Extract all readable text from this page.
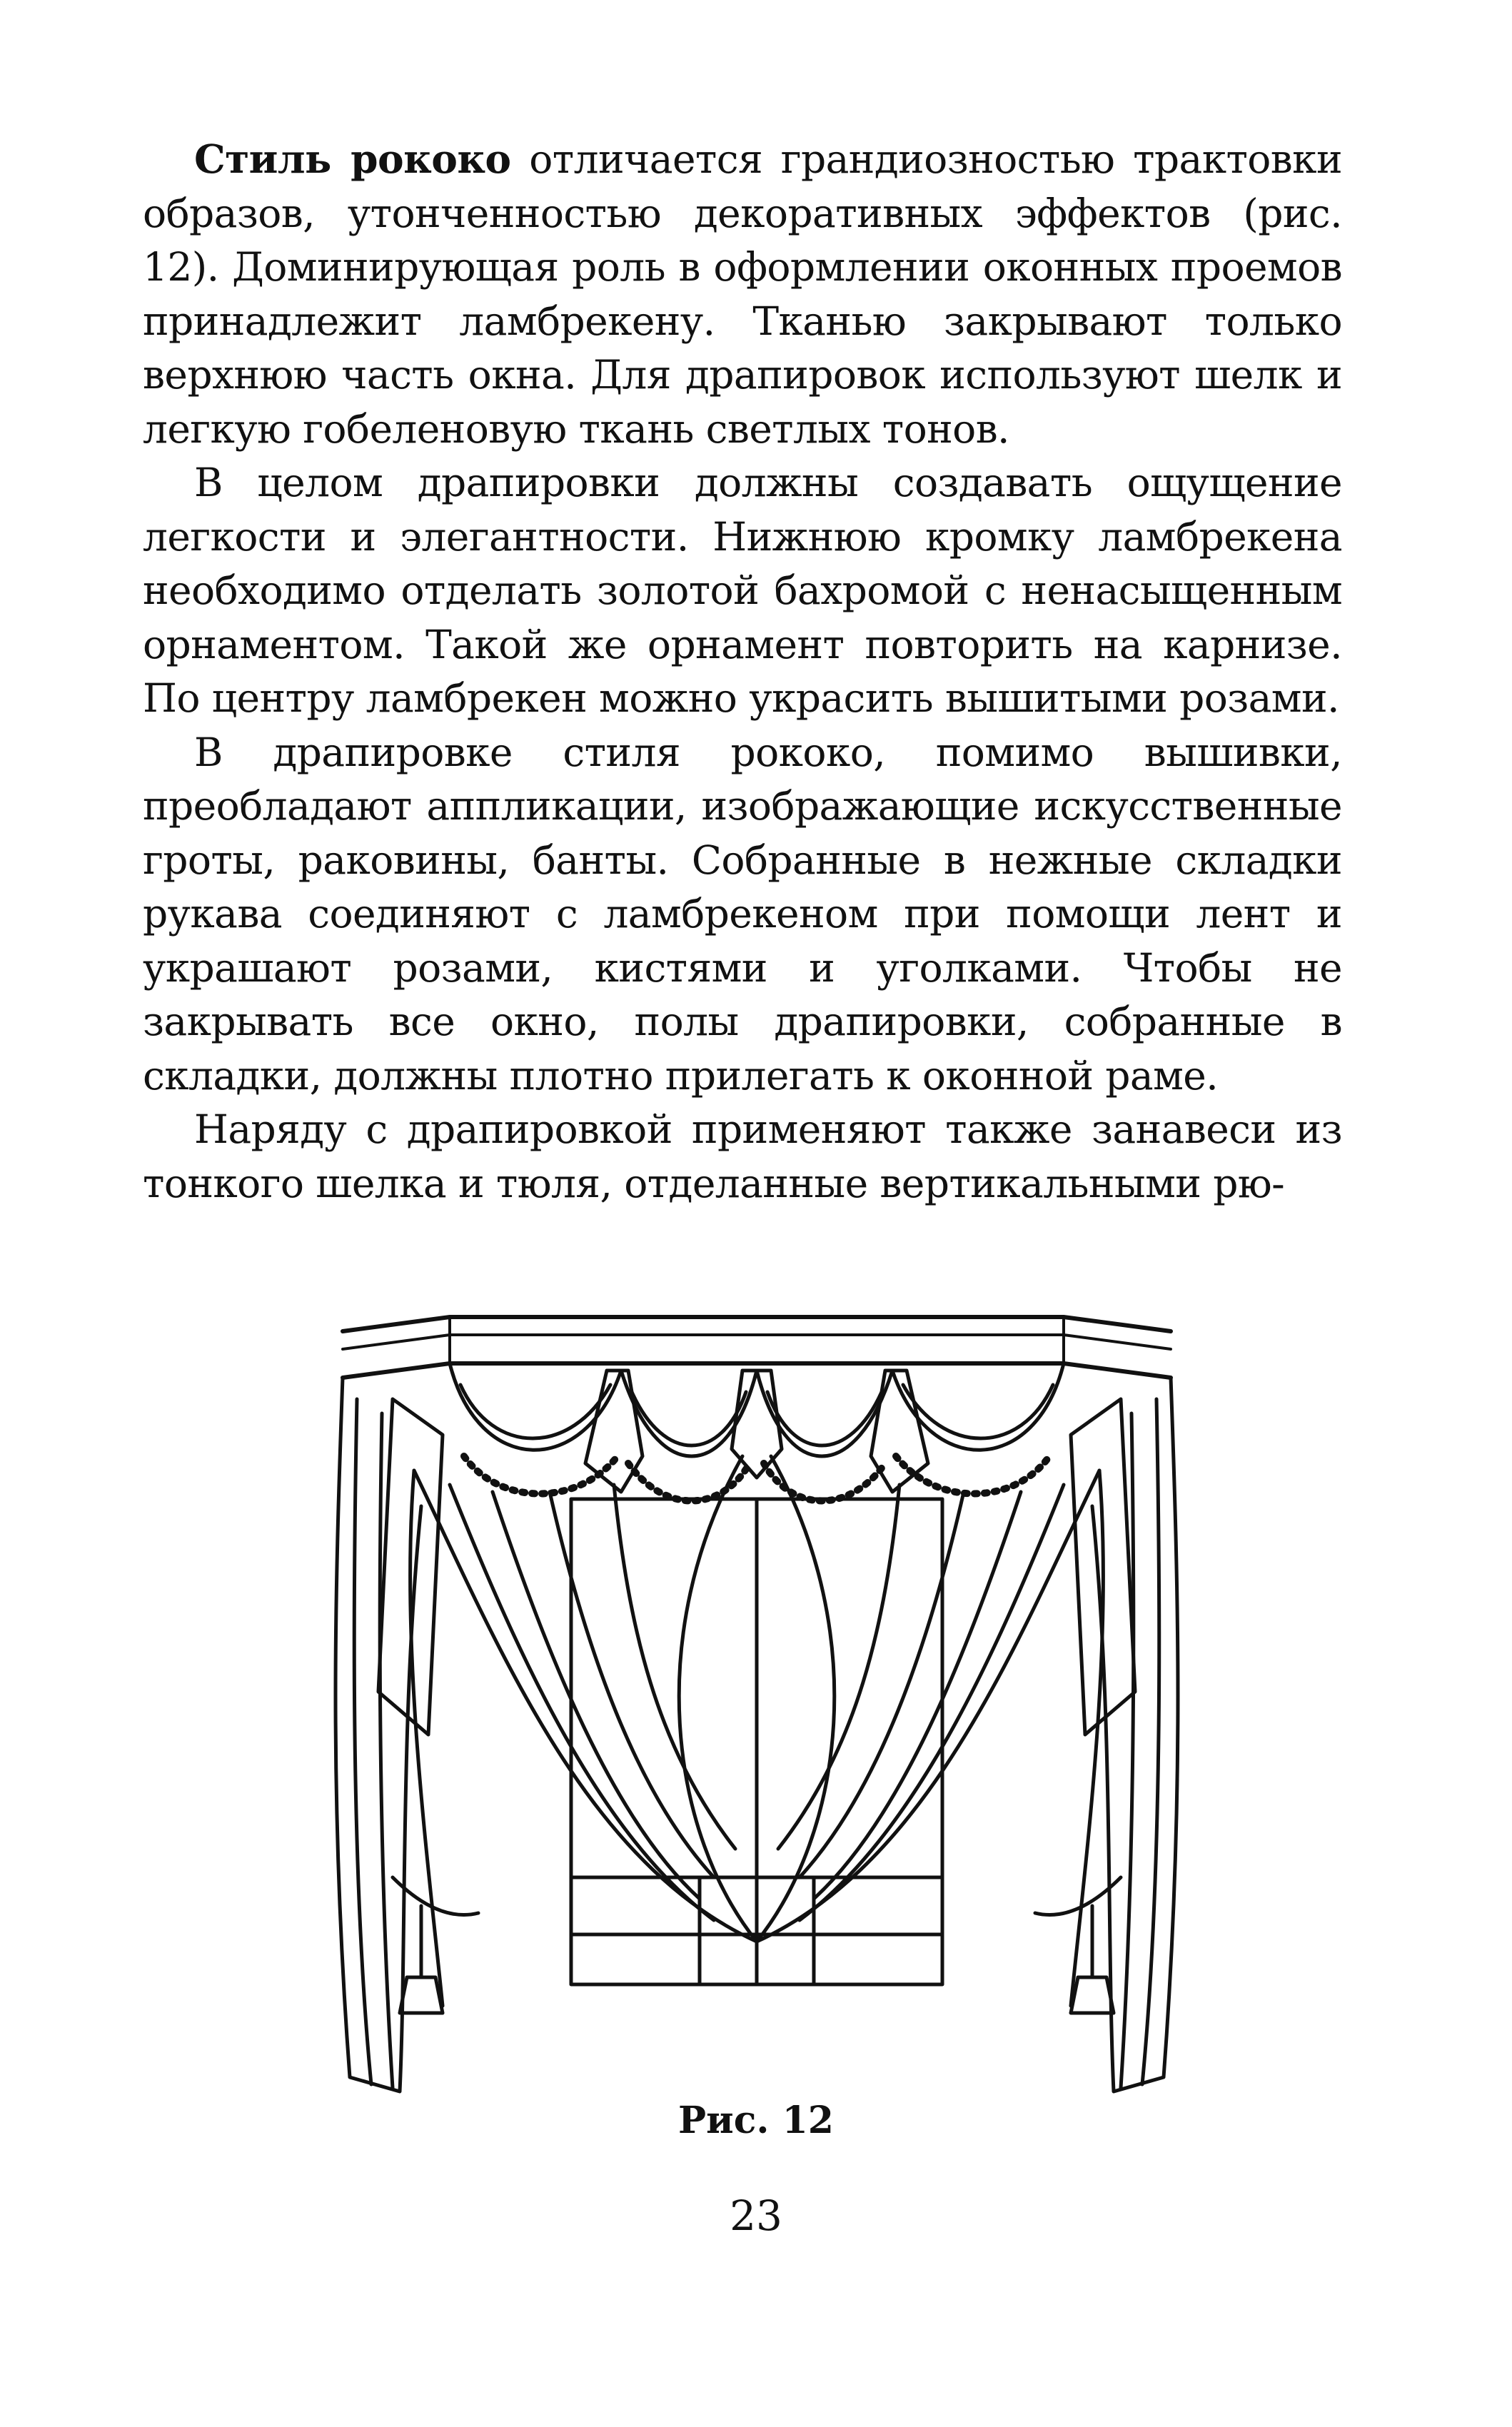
Стиль рококо отличается грандиозностью трактовки образов, утонченностью декоративных эффектов (рис. 12). Доминирующая роль в оформлении оконных проемов принадлежит ламбрекену. Тканью закрывают только верхнюю часть окна. Для драпировок используют шелк и легкую гобеленовую ткань светлых тонов.

В целом драпировки должны создавать ощущение легкости и элегантности. Нижнюю кромку ламбрекена необходимо отделать золотой бахромой с ненасыщенным орнаментом. Такой же орнамент повторить на карнизе. По центру ламбрекен можно украсить вышитыми розами.

В драпировке стиля рококо, помимо вышивки, преобладают аппликации, изображающие искусственные гроты, раковины, банты. Собранные в нежные складки рукава соединяют с ламбрекеном при помощи лент и украшают розами, кистями и уголками. Чтобы не закрывать все окно, полы драпировки, собранные в складки, должны плотно прилегать к оконной раме.

Наряду с драпировкой применяют также занавеси из тонкого шелка и тюля, отделанные вертикальными рю-

Рис. 12
23
